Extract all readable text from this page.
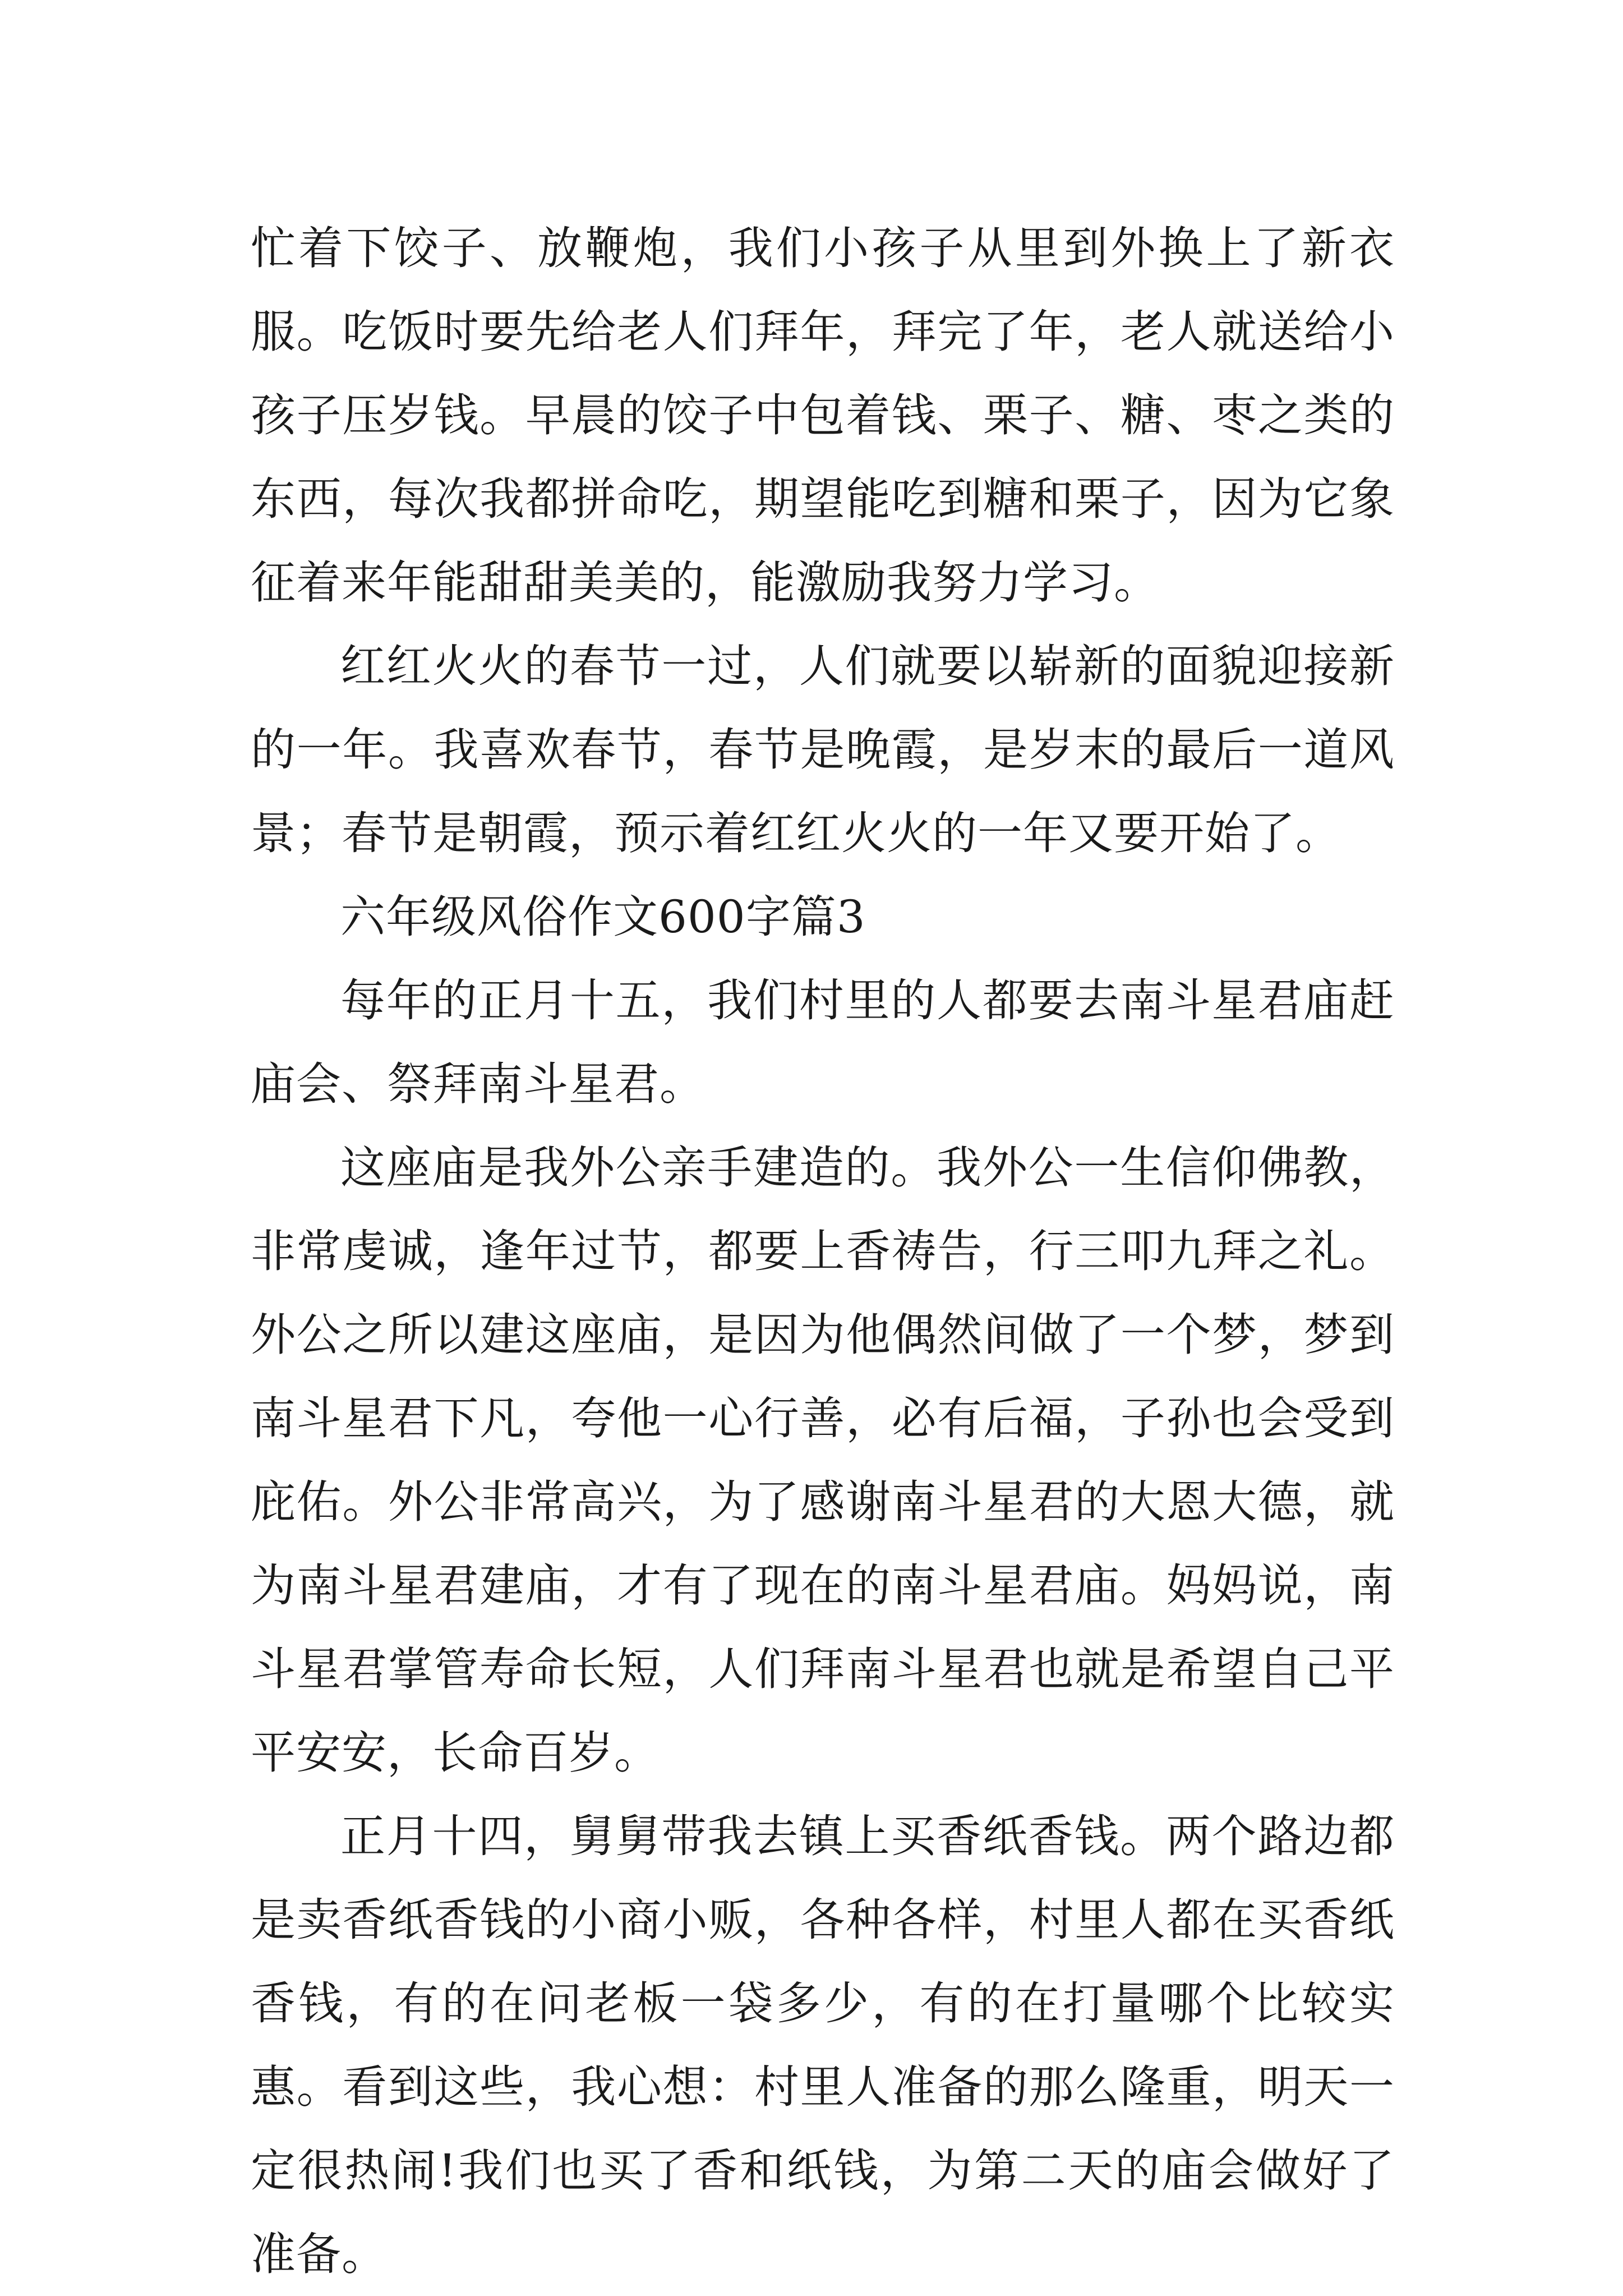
忙着下饺子、放鞭炮，我们小孩子从里到外换上了新衣服。吃饭时要先给老人们拜年，拜完了年，老人就送给小孩子压岁钱。早晨的饺子中包着钱、栗子、糖、枣之类的东西，每次我都拼命吃，期望能吃到糖和栗子，因为它象征着来年能甜甜美美的，能激励我努力学习。

红红火火的春节一过，人们就要以崭新的面貌迎接新的一年。我喜欢春节，春节是晚霞，是岁末的最后一道风景；春节是朝霞，预示着红红火火的一年又要开始了。

六年级风俗作文600字篇3

每年的正月十五，我们村里的人都要去南斗星君庙赶庙会、祭拜南斗星君。

这座庙是我外公亲手建造的。我外公一生信仰佛教，非常虔诚，逢年过节，都要上香祷告，行三叩九拜之礼。外公之所以建这座庙，是因为他偶然间做了一个梦，梦到南斗星君下凡，夸他一心行善，必有后福，子孙也会受到庇佑。外公非常高兴，为了感谢南斗星君的大恩大德，就为南斗星君建庙，才有了现在的南斗星君庙。妈妈说，南斗星君掌管寿命长短，人们拜南斗星君也就是希望自己平平安安，长命百岁。

正月十四，舅舅带我去镇上买香纸香钱。两个路边都是卖香纸香钱的小商小贩，各种各样，村里人都在买香纸香钱，有的在问老板一袋多少，有的在打量哪个比较实惠。看到这些，我心想：村里人准备的那么隆重，明天一定很热闹!我们也买了香和纸钱，为第二天的庙会做好了准备。
